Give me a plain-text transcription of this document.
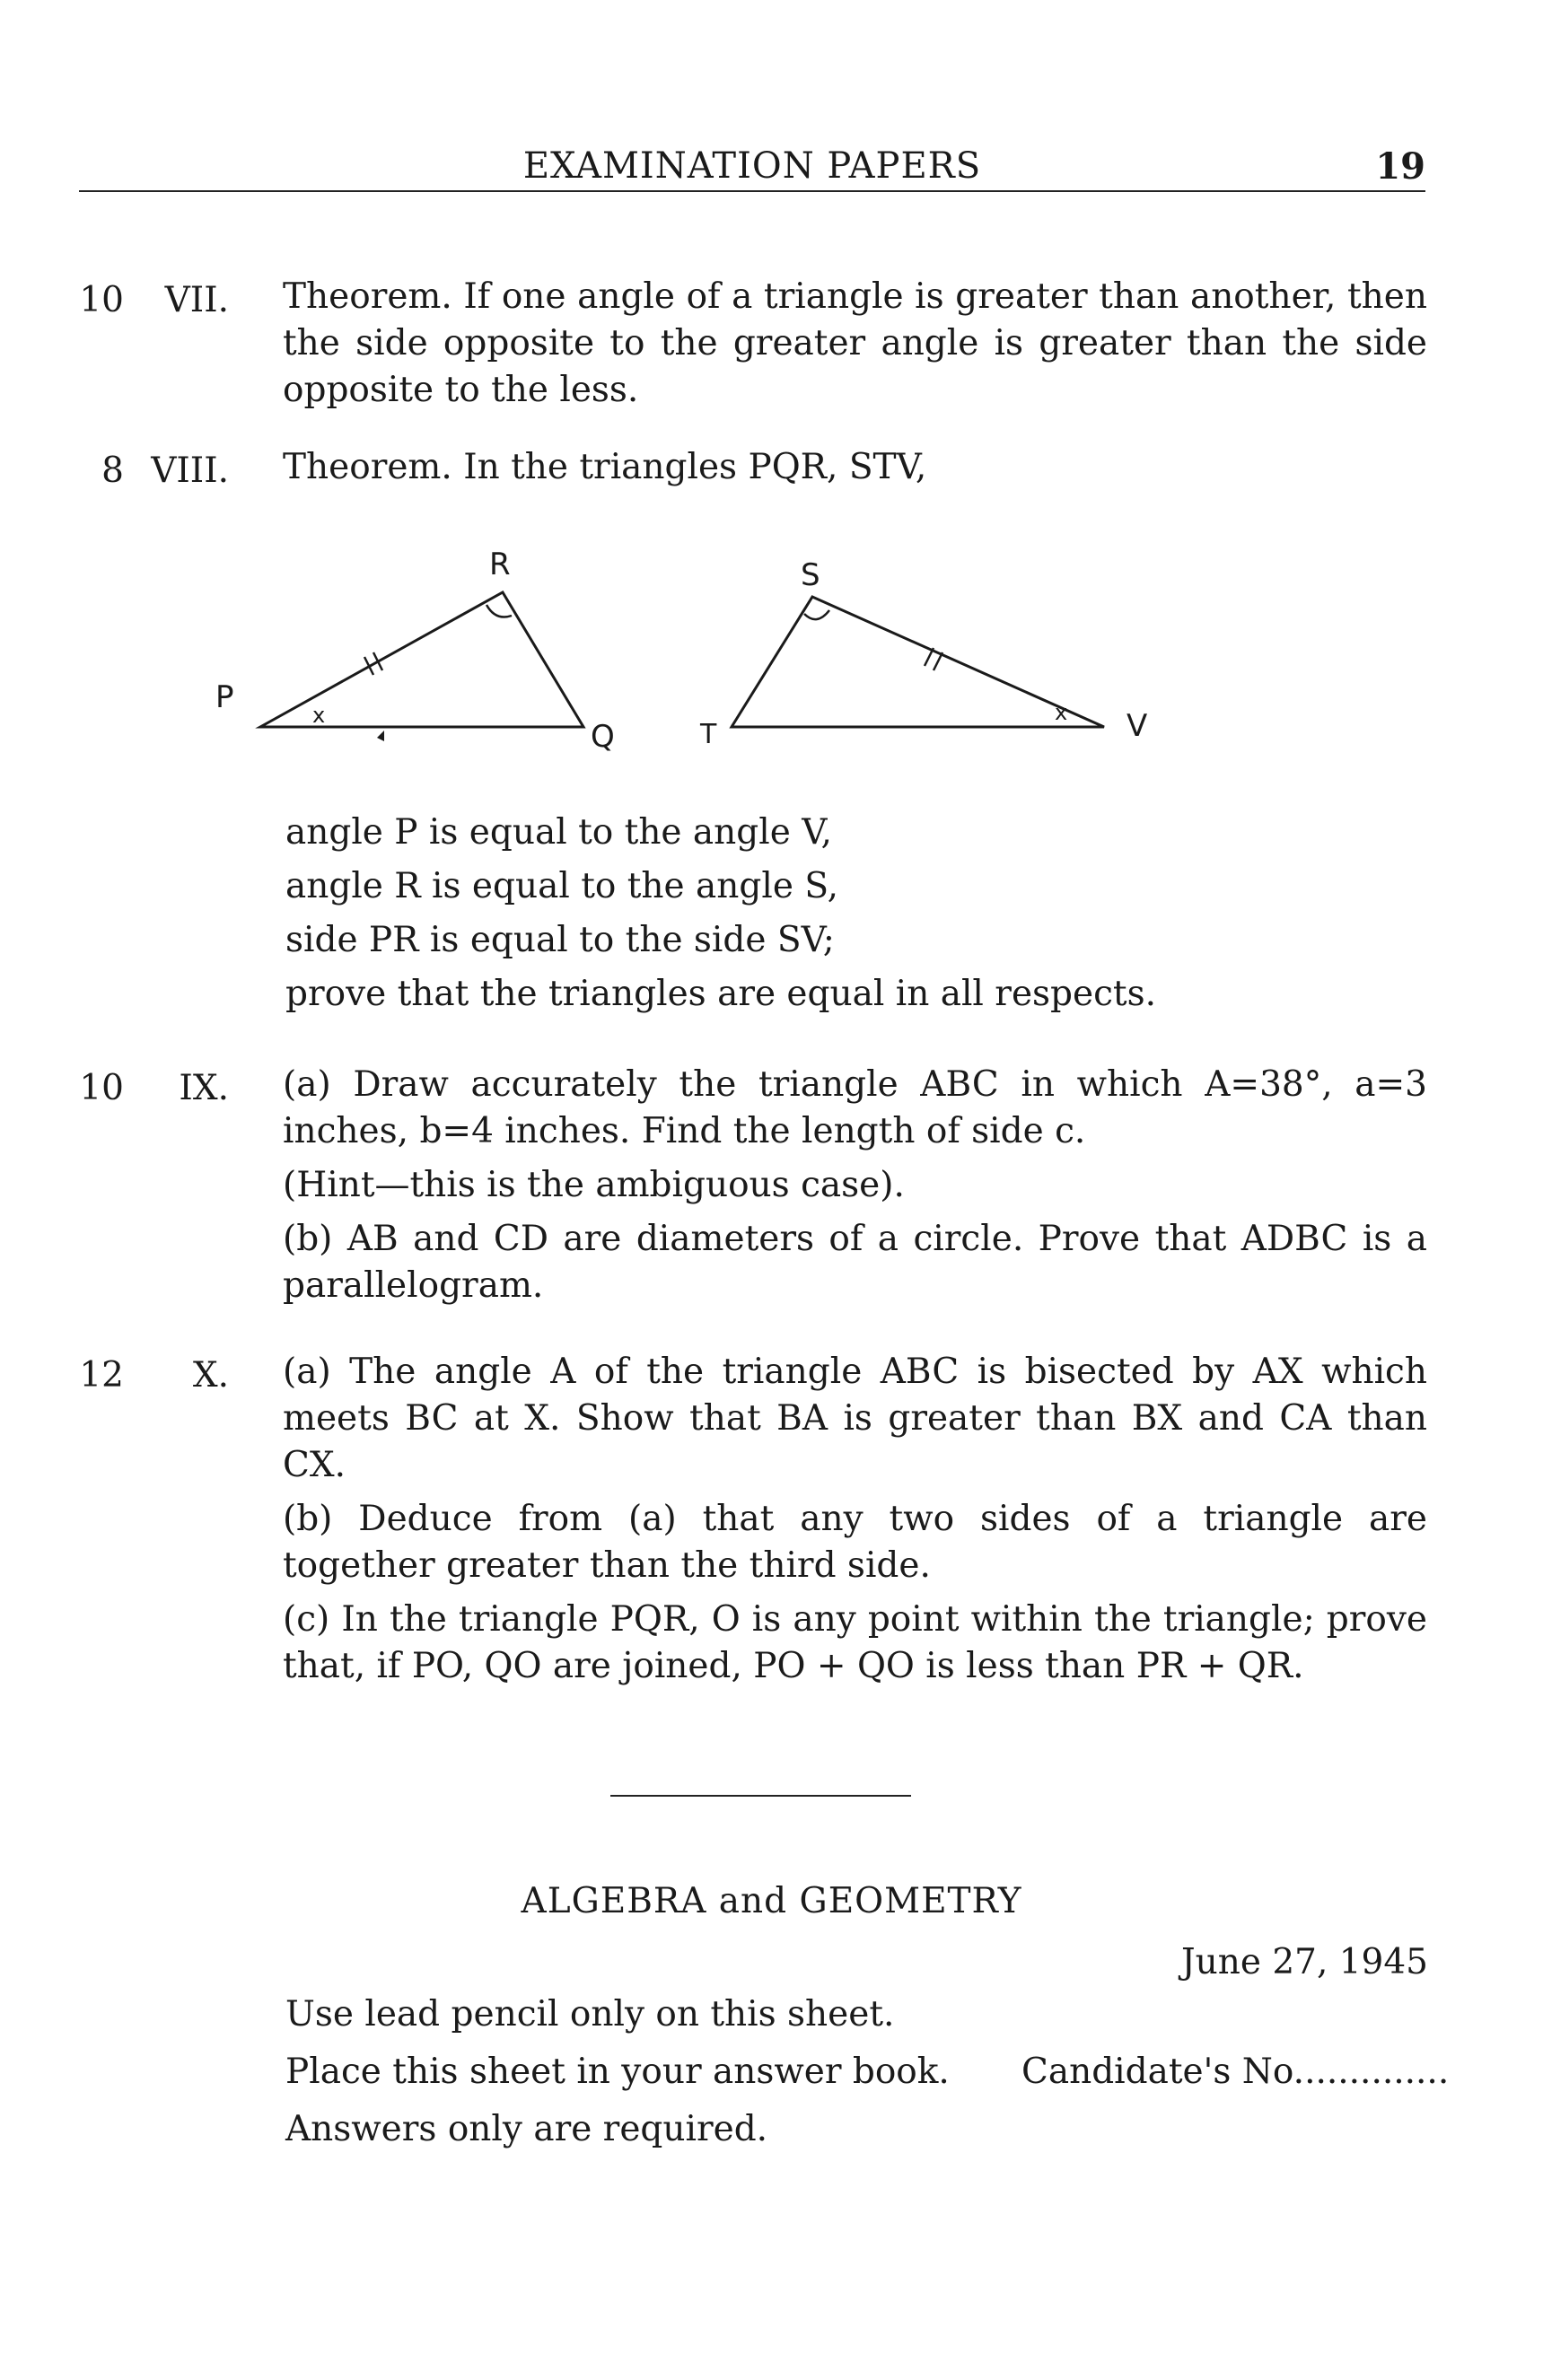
EXAMINATION PAPERS	19
10	VII. Theorem. If one angle of a triangle is greater than another, then the side opposite to the greater angle is greater than the side opposite to the less.

8 VIII. Theorem. In the triangles PQR, STV,

P
R
Q
x
S
T	V
x
angle P is equal to the angle V,
angle R is equal to the angle S,
side PR is equal to the side SV;
prove that the triangles are equal in all respects.
10	IX. (a) Draw accurately the triangle ABC in which A=38°, a=3 inches, b=4 inches. Find the length of side c.

(Hint—this is the ambiguous case).

(b) AB and CD are diameters of a circle. Prove that ADBC is a parallelogram.

12	X. (a) The angle A of the triangle ABC is bisected by AX which meets BC at X. Show that BA is greater than BX and CA than CX.

(b) Deduce from (a) that any two sides of a triangle are together greater than the third side.

(c) In the triangle PQR, O is any point within the triangle; prove that, if PO, QO are joined, PO + QO is less than PR + QR.

ALGEBRA and GEOMETRY
June 27, 1945
Use lead pencil only on this sheet.
Place this sheet in your answer book. Candidate's No..............
Answers only are required.
